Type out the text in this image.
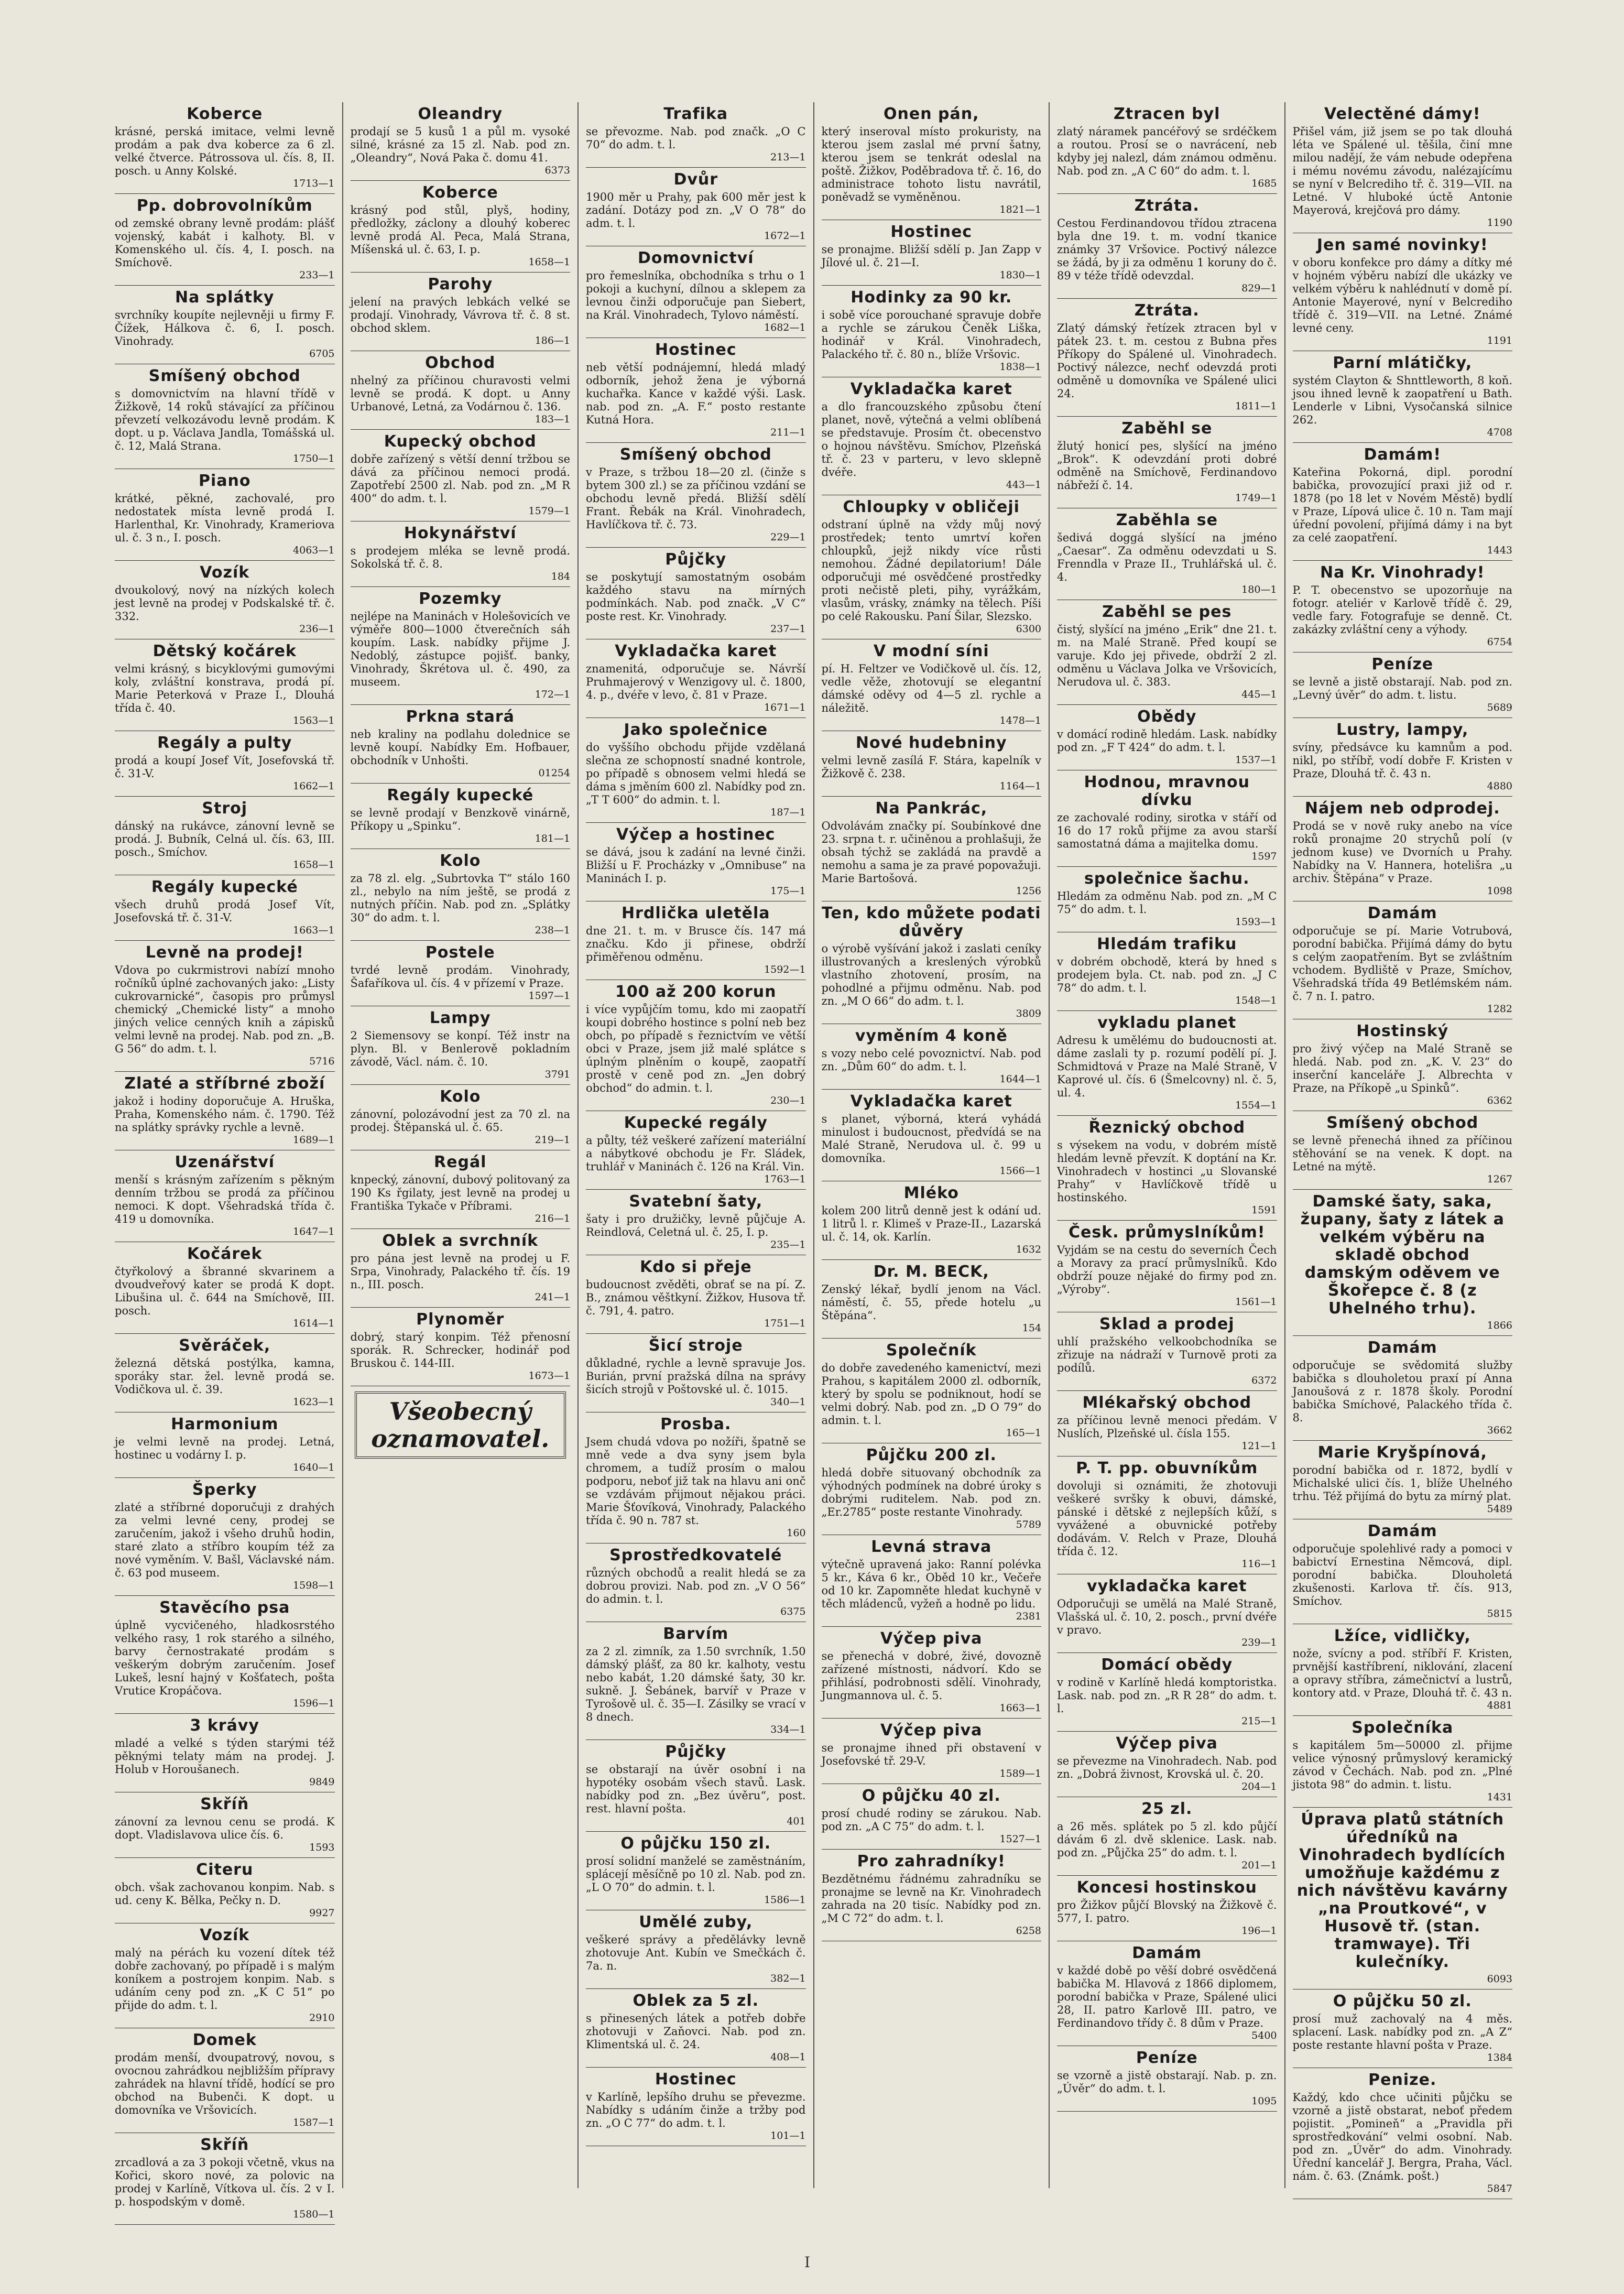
Koberce

krásné, perská imitace, velmi levně prodám a pak dva koberce za 6 zl. velké čtverce. Pátrossova ul. čís. 8, II. posch. u Anny Kolské.

1713—1
Pp. dobrovolníkům

od zemské obrany levně prodám: plášť vojenský, kabát i kalhoty. Bl. v Komenského ul. čís. 4, I. posch. na Smíchově.

233—1
Na splátky

svrchníky koupíte nejlevněji u firmy F. Čížek, Hálkova č. 6, I. posch. Vinohrady.

6705
Smíšený obchod

s domovnictvím na hlavní třídě v Žižkově, 14 roků stávající za příčinou převzetí velkozávodu levně prodám. K dopt. u p. Václava Jandla, Tomášská ul. č. 12, Malá Strana.

1750—1
Piano

krátké, pěkné, zachovalé, pro nedostatek místa levně prodá I. Harlenthal, Kr. Vinohrady, Krameriova ul. č. 3 n., I. posch.

4063—1
Vozík

dvoukolový, nový na nízkých kolech jest levně na prodej v Podskalské tř. č. 332.

236—1
Dětský kočárek

velmi krásný, s bicyklovými gumovými koly, zvláštní konstrava, prodá pí. Marie Peterková v Praze I., Dlouhá třída č. 40.

1563—1
Regály a pulty

prodá a koupí Josef Vít, Josefovská tř. č. 31-V.

1662—1
Stroj

dánský na rukávce, zánovní levně se prodá. J. Bubník, Celná ul. čís. 63, III. posch., Smíchov.

1658—1
Regály kupecké

všech druhů prodá Josef Vít, Josefovská tř. č. 31-V.

1663—1
Levně na prodej!

Vdova po cukrmistrovi nabízí mnoho ročníků úplné zachovaných jako: „Listy cukrovarnické“, časopis pro průmysl chemický „Chemické listy“ a mnoho jiných velice cenných knih a zápisků velmi levně na prodej. Nab. pod zn. „B. G 56“ do adm. t. l.

5716
Zlaté a stříbrné zboží

jakož i hodiny doporučuje A. Hruška, Praha, Komenského nám. č. 1790. Též na splátky správky rychle a levně.

1689—1
Uzenářství

menší s krásným zařízením s pěkným denním tržbou se prodá za příčinou nemoci. K dopt. Všehradská třída č. 419 u domovníka.

1647—1
Kočárek

čtyřkolový a šbranné skvarinem a dvoudveřový kater se prodá K dopt. Libušina ul. č. 644 na Smíchově, III. posch.

1614—1
Svěráček,

železná dětská postýlka, kamna, sporáky star. žel. levně prodá se. Vodičkova ul. č. 39.

1623—1
Harmonium

je velmi levně na prodej. Letná, hostinec u vodárny I. p.

1640—1
Šperky

zlaté a stříbrné doporučuji z drahých za velmi levné ceny, prodej se zaručením, jakož i všeho druhů hodin, staré zlato a stříbro koupím též za nové vyměním. V. Bašl, Václavské nám. č. 63 pod museem.

1598—1
Stavěcího psa

úplně vycvičeného, hladkosrstého velkého rasy, 1 rok starého a silného, barvy černostrakaté prodám s veškerým dobrým zaručením. Josef Lukeš, lesní hajný v Košťatech, pošta Vrutice Kropáčova.

1596—1
3 krávy

mladé a velké s týden starými též pěknými telaty mám na prodej. J. Holub v Horoušanech.

9849
Skříň

zánovní za levnou cenu se prodá. K dopt. Vladislavova ulice čís. 6.

1593
Citeru

obch. však zachovanou konpim. Nab. s ud. ceny K. Bělka, Pečky n. D.

9927
Vozík

malý na pérách ku vození dítek též dobře zachovaný, po případě i s malým koníkem a postrojem konpim. Nab. s udáním ceny pod zn. „K C 51“ po přijde do adm. t. l.

2910
Domek

prodám menší, dvoupatrový, novou, s ovocnou zahrádkou nejbližším přípravy zahrádek na hlavní třídě, hodící se pro obchod na Bubenči. K dopt. u domovníka ve Vršovicích.

1587—1
Skříň

zrcadlová a za 3 pokoji včetně, vkus na Kořici, skoro nové, za polovic na prodej v Karlíně, Vítkova ul. čís. 2 v I. p. hospodským v domě.

1580—1
Oleandry

prodají se 5 kusů 1 a půl m. vysoké silné, krásné za 15 zl. Nab. pod zn. „Oleandry“, Nová Paka č. domu 41.

6373
Koberce

krásný pod stůl, plyš, hodiny, předložky, záclony a dlouhý koberec levně prodá Al. Peca, Malá Strana, Míšenská ul. č. 63, I. p.

1658—1
Parohy

jelení na pravých lebkách velké se prodají. Vinohrady, Vávrova tř. č. 8 st. obchod sklem.

186—1
Obchod

nhelný za příčinou churavosti velmi levně se prodá. K dopt. u Anny Urbanové, Letná, za Vodárnou č. 136.

183—1
Kupecký obchod

dobře zařízený s větší denní tržbou se dává za příčinou nemoci prodá. Zapotřebí 2500 zl. Nab. pod zn. „M R 400“ do adm. t. l.

1579—1
Hokynářství

s prodejem mléka se levně prodá. Sokolská tř. č. 8.

184
Pozemky

nejlépe na Maninách v Holešovicích ve výměře 800—1000 čtverečních sáh koupím. Lask. nabídky přijme J. Nedoblý, zástupce pojišť. banky, Vinohrady, Škrétova ul. č. 490, za museem.

172—1
Prkna stará

neb kraliny na podlahu dolednice se levně koupí. Nabídky Em. Hofbauer, obchodník v Unhošti.

01254
Regály kupecké

se levně prodají v Benzkově vinárně, Příkopy u „Spinku“.

181—1
Kolo

za 78 zl. elg. „Subrtovka T“ stálo 160 zl., nebylo na ním ještě, se prodá z nutných příčin. Nab. pod zn. „Splátky 30“ do adm. t. l.

238—1
Postele

tvrdé levně prodám. Vinohrady, Šafaříkova ul. čís. 4 v přízemí v Praze.

1597—1
Lampy

2 Siemensovy se konpí. Též instr na plyn. Bl. v Benlerově pokladním závodě, Václ. nám. č. 10.

3791
Kolo

zánovní, polozávodní jest za 70 zl. na prodej. Štěpanská ul. č. 65.

219—1
Regál

knpecký, zánovní, dubový politovaný za 190 Ks řgilaty, jest levně na prodej u Františka Tykače v Příbrami.

216—1
Oblek a svrchník

pro pána jest levně na prodej u F. Srpa, Vinohrady, Palackého tř. čís. 19 n., III. posch.

241—1
Plynoměr

dobrý, starý konpim. Též přenosní sporák. R. Schrecker, hodinář pod Bruskou č. 144-III.

1673—1
Všeobecný oznamovatel.
Trafika

se převozme. Nab. pod značk. „O C 70“ do adm. t. l.

213—1
Dvůr

1900 měr u Prahy, pak 600 měr jest k zadání. Dotázy pod zn. „V O 78“ do adm. t. l.

1672—1
Domovnictví

pro řemeslníka, obchodníka s trhu o 1 pokoji a kuchyní, dílnou a sklepem za levnou činži odporučuje pan Siebert, na Král. Vinohradech, Tylovo náměstí.

1682—1
Hostinec

neb větší podnájemní, hledá mladý odborník, jehož žena je výborná kuchařka. Kance v každé výši. Lask. nab. pod zn. „A. F.“ posto restante Kutná Hora.

211—1
Smíšený obchod

v Praze, s tržbou 18—20 zl. (činže s bytem 300 zl.) se za příčinou vzdání se obchodu levně předá. Bližší sdělí Frant. Řebák na Král. Vinohradech, Havlíčkova tř. č. 73.

229—1
Půjčky

se poskytují samostatným osobám každého stavu na mírných podmínkách. Nab. pod značk. „V C“ poste rest. Kr. Vinohrady.

237—1
Vykladačka karet

znamenitá, odporučuje se. Návrší Pruhmajerový v Wenzigovy ul. č. 1800, 4. p., dvéře v levo, č. 81 v Praze.

1671—1
Jako společnice

do vyššího obchodu přijde vzdělaná slečna ze schopností snadné kontrole, po případě s obnosem velmi hledá se dáma s jměním 600 zl. Nabídky pod zn. „T T 600“ do admin. t. l.

187—1
Výčep a hostinec

se dává, jsou k zadání na levné činži. Bližší u F. Procházky v „Omnibuse“ na Maninách I. p.

175—1
Hrdlička uletěla

dne 21. t. m. v Brusce čís. 147 má značku. Kdo ji přinese, obdrží přiměřenou odměnu.

1592—1
100 až 200 korun

i více vypůjčím tomu, kdo mi zaopatří koupi dobrého hostince s polní neb bez obch, po případě s řeznictvím ve větší obci v Praze, jsem již malé splátce s úplným plněním o koupě, zaopatří prostě v ceně pod zn. „Jen dobrý obchod“ do admin. t. l.

230—1
Kupecké regály

a půlty, též veškeré zařízení materiální a nábytkové obchodu je Fr. Sládek, truhlář v Maninách č. 126 na Král. Vin.

1763—1
Svatební šaty,

šaty i pro družičky, levně půjčuje A. Reindlová, Celetná ul. č. 25, I. p.

235—1
Kdo si přeje

budoucnost zvěděti, obrať se na pí. Z. B., známou věštkyní. Žižkov, Husova tř. č. 791, 4. patro.

1751—1
Šicí stroje

důkladné, rychle a levně spravuje Jos. Burián, první pražská dílna na správy šicích strojů v Poštovské ul. č. 1015.

340—1
Prosba.

Jsem chudá vdova po nožíři, špatně se mně vede a dva syny jsem byla chromem, a tudíž prosím o malou podporu, neboť již tak na hlavu ani onč se vzdávám přijmout nějakou práci. Marie Šťovíková, Vinohrady, Palackého třída č. 90 n. 787 st.

160
Sprostředkovatelé

různých obchodů a realit hledá se za dobrou provizi. Nab. pod zn. „V O 56“ do admin. t. l.

6375
Barvím

za 2 zl. zimník, za 1.50 svrchník, 1.50 dámský plášť, za 80 kr. kalhoty, vestu nebo kabát, 1.20 dámské šaty, 30 kr. sukně. J. Šebánek, barvíř v Praze v Tyrošově ul. č. 35—I. Zásilky se vrací v 8 dnech.

334—1
Půjčky

se obstarají na úvěr osobní i na hypotéky osobám všech stavů. Lask. nabídky pod zn. „Bez úvěru“, post. rest. hlavní pošta.

401
O půjčku 150 zl.

prosí solidní manželé se zaměstnáním, splácejí měsíčně po 10 zl. Nab. pod zn. „L O 70“ do admin. t. l.

1586—1
Umělé zuby,

veškeré správy a předělávky levně zhotovuje Ant. Kubín ve Smečkách č. 7a. n.

382—1
Oblek za 5 zl.

s přinesených látek a potřeb dobře zhotovuji v Zaňovci. Nab. pod zn. Klimentská ul. č. 24.

408—1
Hostinec

v Karlíně, lepšího druhu se převezme. Nabídky s udáním činže a tržby pod zn. „O C 77“ do adm. t. l.

101—1
Onen pán,

který inseroval místo prokuristy, na kterou jsem zaslal mé první šatny, kterou jsem se tenkrát odeslal na poště. Žižkov, Poděbradova tř. č. 16, do administrace tohoto listu navrátil, poněvadž se vyměněnou.

1821—1
Hostinec

se pronajme. Bližší sdělí p. Jan Zapp v Jílové ul. č. 21—I.

1830—1
Hodinky za 90 kr.

i sobě více porouchané spravuje dobře a rychle se zárukou Čeněk Liška, hodinář v Král. Vinohradech, Palackého tř. č. 80 n., blíže Vršovic.

1838—1
Vykladačka karet

a dlo francouzského způsobu čtení planet, nově, výtečná a velmi oblíbená se představuje. Prosím čt. obecenstvo o hojnou návštěvu. Smíchov, Plzeňská tř. č. 23 v parteru, v levo sklepně dvéře.

443—1
Chloupky v obličeji

odstraní úplně na vždy můj nový prostředek; tento umrtví kořen chloupků, jejž nikdy více růsti nemohou. Žádné depilatorium! Dále odporučuji mé osvědčené prostředky proti nečistě pleti, pihy, vyrážkám, vlasům, vrásky, známky na tělech. Píši po celé Rakousku. Paní Šilar, Slezsko.

6300
V modní síni

pí. H. Feltzer ve Vodičkově ul. čís. 12, vedle věže, zhotovují se elegantní dámské oděvy od 4—5 zl. rychle a náležitě.

1478—1
Nové hudebniny

velmi levně zasílá F. Stára, kapelník v Žižkově č. 238.

1164—1
Na Pankrác,

Odvolávám značky pí. Soubínkové dne 23. srpna t. r. učiněnou a prohlašuji, že obsah týchž se zakládá na pravdě a nemohu a sama je za pravé popovažuji. Marie Bartošová.

1256
Ten, kdo můžete podati důvěry

o výrobě vyšívání jakož i zaslati ceníky illustrovaných a kreslených výrobků vlastního zhotovení, prosím, na pohodlné a přijmu odměnu. Nab. pod zn. „M O 66“ do adm. t. l.

3809
vyměním 4 koně

s vozy nebo celé povoznictví. Nab. pod zn. „Dům 60“ do adm. t. l.

1644—1
Vykladačka karet

s planet, výborná, která vyhádá minulost i budoucnost, předvídá se na Malé Straně, Nerudova ul. č. 99 u domovníka.

1566—1
Mléko

kolem 200 litrů denně jest k odání ud. 1 litrů l. r. Klimeš v Praze-II., Lazarská ul. č. 14, ok. Karlín.

1632
Dr. M. BECK,

Zenský lékař, bydlí jenom na Václ. náměstí, č. 55, přede hotelu „u Štěpána“.

154
Společník

do dobře zavedeného kamenictví, mezi Prahou, s kapitálem 2000 zl. odborník, který by spolu se podniknout, hodí se velmi dobrý. Nab. pod zn. „D O 79“ do admin. t. l.

165—1
Půjčku 200 zl.

hledá dobře situovaný obchodník za výhodných podmínek na dobré úroky s dobrými ruditelem. Nab. pod zn. „Er.2785“ poste restante Vinohrady.

5789
Levná strava

výtečně upravená jako: Ranní polévka 5 kr., Káva 6 kr., Oběd 10 kr., Večeře od 10 kr. Zapomněte hledat kuchyně v těch mládenců, vyžeň a hodně po lidu.

2381
Výčep piva

se přenechá v dobré, živé, dovozně zařízené místnosti, nádvorí. Kdo se přihlásí, podrobnosti sdělí. Vinohrady, Jungmannova ul. č. 5.

1663—1
Výčep piva

se pronajme ihned při obstavení v Josefovské tř. 29-V.

1589—1
O půjčku 40 zl.

prosí chudé rodiny se zárukou. Nab. pod zn. „A C 75“ do adm. t. l.

1527—1
Pro zahradníky!

Bezdětnému řádnému zahradníku se pronajme se levně na Kr. Vinohradech zahrada na 20 tisíc. Nabídky pod zn. „M C 72“ do adm. t. l.

6258
Ztracen byl

zlatý náramek pancéřový se srdéčkem a routou. Prosí se o navrácení, neb kdyby jej nalezl, dám známou odměnu. Nab. pod zn. „A C 60“ do adm. t. l.

1685
Ztráta.

Cestou Ferdinandovou třídou ztracena byla dne 19. t. m. vodní tkanice známky 37 Vršovice. Poctivý nálezce se žádá, by ji za odměnu 1 koruny do č. 89 v téže třídě odevzdal.

829—1
Ztráta.

Zlatý dámský řetízek ztracen byl v pátek 23. t. m. cestou z Bubna přes Příkopy do Spálené ul. Vinohradech. Poctivý nálezce, nechť odevzdá proti odměně u domovníka ve Spálené ulici 24.

1811—1
Zaběhl se

žlutý honicí pes, slyšící na jméno „Brok“. K odevzdání proti dobré odměně na Smíchově, Ferdinandovo nábřeží č. 14.

1749—1
Zaběhla se

šedivá doggá slyšící na jméno „Caesar“. Za odměnu odevzdati u S. Frenndla v Praze II., Truhlářská ul. č. 4.

180—1
Zaběhl se pes

čistý, slyšící na jméno „Erik“ dne 21. t. m. na Malé Straně. Před koupí se varuje. Kdo jej přivede, obdrží 2 zl. odměnu u Václava Jolka ve Vršovicích, Nerudova ul. č. 383.

445—1
Obědy

v domácí rodině hledám. Lask. nabídky pod zn. „F T 424“ do adm. t. l.

1537—1
Hodnou, mravnou dívku

ze zachovalé rodiny, sirotka v stáří od 16 do 17 roků přijme za avou starší samostatná dáma a majitelka domu.

1597
společnice šachu.

Hledám za odměnu Nab. pod zn. „M C 75“ do adm. t. l.

1593—1
Hledám trafiku

v dobrém obchodě, která by hned s prodejem byla. Ct. nab. pod zn. „J C 78“ do adm. t. l.

1548—1
vykladu planet

Adresu k umělému do budoucnosti at. dáme zaslali ty p. rozumí podělí pí. J. Schmidtová v Praze na Malé Straně, V Kaprové ul. čís. 6 (Šmelcovny) nl. č. 5, ul. 4.

1554—1
Řeznický obchod

s výsekem na vodu, v dobrém místě hledám levně převzít. K doptání na Kr. Vinohradech v hostinci „u Slovanské Prahy“ v Havlíčkově třídě u hostinského.

1591
Česk. průmyslníkům!

Vyjdám se na cestu do severních Čech a Moravy za prací průmyslníků. Kdo obdrží pouze nějaké do firmy pod zn. „Výroby“.

1561—1
Sklad a prodej

uhlí pražského velkoobchodníka se zřizuje na nádraží v Turnově proti za podílů.

6372
Mlékařský obchod

za příčinou levně menoci předám. V Nuslích, Plzeňské ul. čísla 155.

121—1
P. T. pp. obuvníkům

dovoluji si oznámiti, že zhotovuji veškeré svršky k obuvi, dámské, pánské i dětské z nejlepších kůží, s vyvážené a obuvnické potřeby dodávám. V. Relch v Praze, Dlouhá třída č. 12.

116—1
vykladačka karet

Odporučuji se umělá na Malé Straně, Vlašská ul. č. 10, 2. posch., první dvéře v pravo.

239—1
Domácí obědy

v rodině v Karlíně hledá komptoristka. Lask. nab. pod zn. „R R 28“ do adm. t. l.

215—1
Výčep piva

se převezme na Vinohradech. Nab. pod zn. „Dobrá živnost, Krovská ul. č. 20.

204—1
25 zl.

a 26 měs. splátek po 5 zl. kdo půjčí dávám 6 zl. dvě sklenice. Lask. nab. pod zn. „Půjčka 25“ do adm. t. l.

201—1
Koncesi hostinskou

pro Žižkov půjčí Blovský na Žižkově č. 577, I. patro.

196—1
Damám

v každé době po věší dobré osvědčená babička M. Hlavová z 1866 diplomem, porodní babička v Praze, Spálené ulici 28, II. patro Karlově III. patro, ve Ferdinandovo třídy č. 8 dům v Praze.

5400
Peníze

se vzorně a jistě obstarají. Nab. p. zn. „Úvěr“ do adm. t. l.

1095
Velectěné dámy!

Přišel vám, již jsem se po tak dlouhá léta ve Spálené ul. těšila, činí mne milou nadějí, že vám nebude odepřena i mému novému závodu, nalézajícímu se nyní v Belcrediho tř. č. 319—VII. na Letné. V hluboké úctě Antonie Mayerová, krejčová pro dámy.

1190
Jen samé novinky!

v oboru konfekce pro dámy a dítky mé v hojném výběru nabízí dle ukázky ve velkém výběru k nahlédnutí v domě pí. Antonie Mayerové, nyní v Belcrediho třídě č. 319—VII. na Letné. Známé levné ceny.

1191
Parní mlátičky,

systém Clayton & Shnttleworth, 8 koň. jsou ihned levně k zaopatření u Bath. Lenderle v Libni, Vysočanská silnice 262.

4708
Damám!

Kateřina Pokorná, dipl. porodní babička, provozující praxi již od r. 1878 (po 18 let v Novém Městě) bydlí v Praze, Lípová ulice č. 10 n. Tam mají úřední povolení, přijímá dámy i na byt za celé zaopatření.

1443
Na Kr. Vinohrady!

P. T. obecenstvo se upozorňuje na fotogr. ateliér v Karlově třídě č. 29, vedle fary. Fotografuje se denně. Ct. zakázky zvláštní ceny a výhody.

6754
Peníze

se levně a jistě obstarají. Nab. pod zn. „Levný úvěr“ do adm. t. listu.

5689
Lustry, lampy,

svíny, předsávce ku kamnům a pod. nikl, po stříbř, vodí dobře F. Kristen v Praze, Dlouhá tř. č. 43 n.

4880
Nájem neb odprodej.

Prodá se v nově ruky anebo na více roků pronajme 20 strychů polí (v jednom kuse) ve Dvorních u Prahy. Nabídky na V. Hannera, hotelišra „u archiv. Štěpána“ v Praze.

1098
Damám

odporučuje se pí. Marie Votrubová, porodní babička. Přijímá dámy do bytu s celým zaopatřením. Byt se zvláštním vchodem. Bydliště v Praze, Smíchov, Všehradská třída 49 Betlémském nám. č. 7 n. I. patro.

1282
Hostinský

pro živý výčep na Malé Straně se hledá. Nab. pod zn. „K. V. 23“ do inserční kanceláře J. Albrechta v Praze, na Příkopě „u Spinků“.

6362
Smíšený obchod

se levně přenechá ihned za příčinou stěhování se na venek. K dopt. na Letné na mýtě.

1267
Damské šaty, saka, župany, šaty z látek a velkém výběru na skladě obchod damským oděvem ve Škořepce č. 8 (z Uhelného trhu).

1866
Damám

odporučuje se svědomitá služby babička s dlouholetou praxí pí Anna Janoušová z r. 1878 školy. Porodní babička Smíchové, Palackého třída č. 8.

3662
Marie Kryšpínová,

porodní babička od r. 1872, bydlí v Michalské ulici čís. 1, blíže Uhelného trhu. Též přijímá do bytu za mírný plat.

5489
Damám

odporučuje spolehlivé rady a pomoci v babictví Ernestina Němcová, dipl. porodní babička. Dlouholetá zkušenosti. Karlova tř. čís. 913, Smíchov.

5815
Lžíce, vidličky,

nože, svícny a pod. stříbří F. Kristen, prvnější kastříbrení, niklování, zlacení a opravy stříbra, zámečnictví a lustrů, kontory atd. v Praze, Dlouhá tř. č. 43 n.

4881
Společníka

s kapitálem 5m—50000 zl. přijme velice výnosný průmyslový keramický závod v Čechách. Nab. pod zn. „Plné jistota 98“ do admin. t. listu.

1431
Úprava platů státních úředníků na Vinohradech bydlících umožňuje každému z nich návštěvu kavárny „na Proutkové“, v Husově tř. (stan. tramwaye). Tři kulečníky.

6093
O půjčku 50 zl.

prosí muž zachovalý na 4 měs. splacení. Lask. nabídky pod zn. „A Z“ poste restante hlavní pošta v Praze.

1384
Penize.

Každý, kdo chce učiniti půjčku se vzorně a jistě obstarat, neboť předem pojistit. „Pomineň“ a „Pravidla při sprostředkování“ velmi osobní. Nab. pod zn. „Úvěr“ do adm. Vinohrady. Úřední kancelář J. Bergra, Praha, Václ. nám. č. 63. (Známk. pošt.)

5847
I
